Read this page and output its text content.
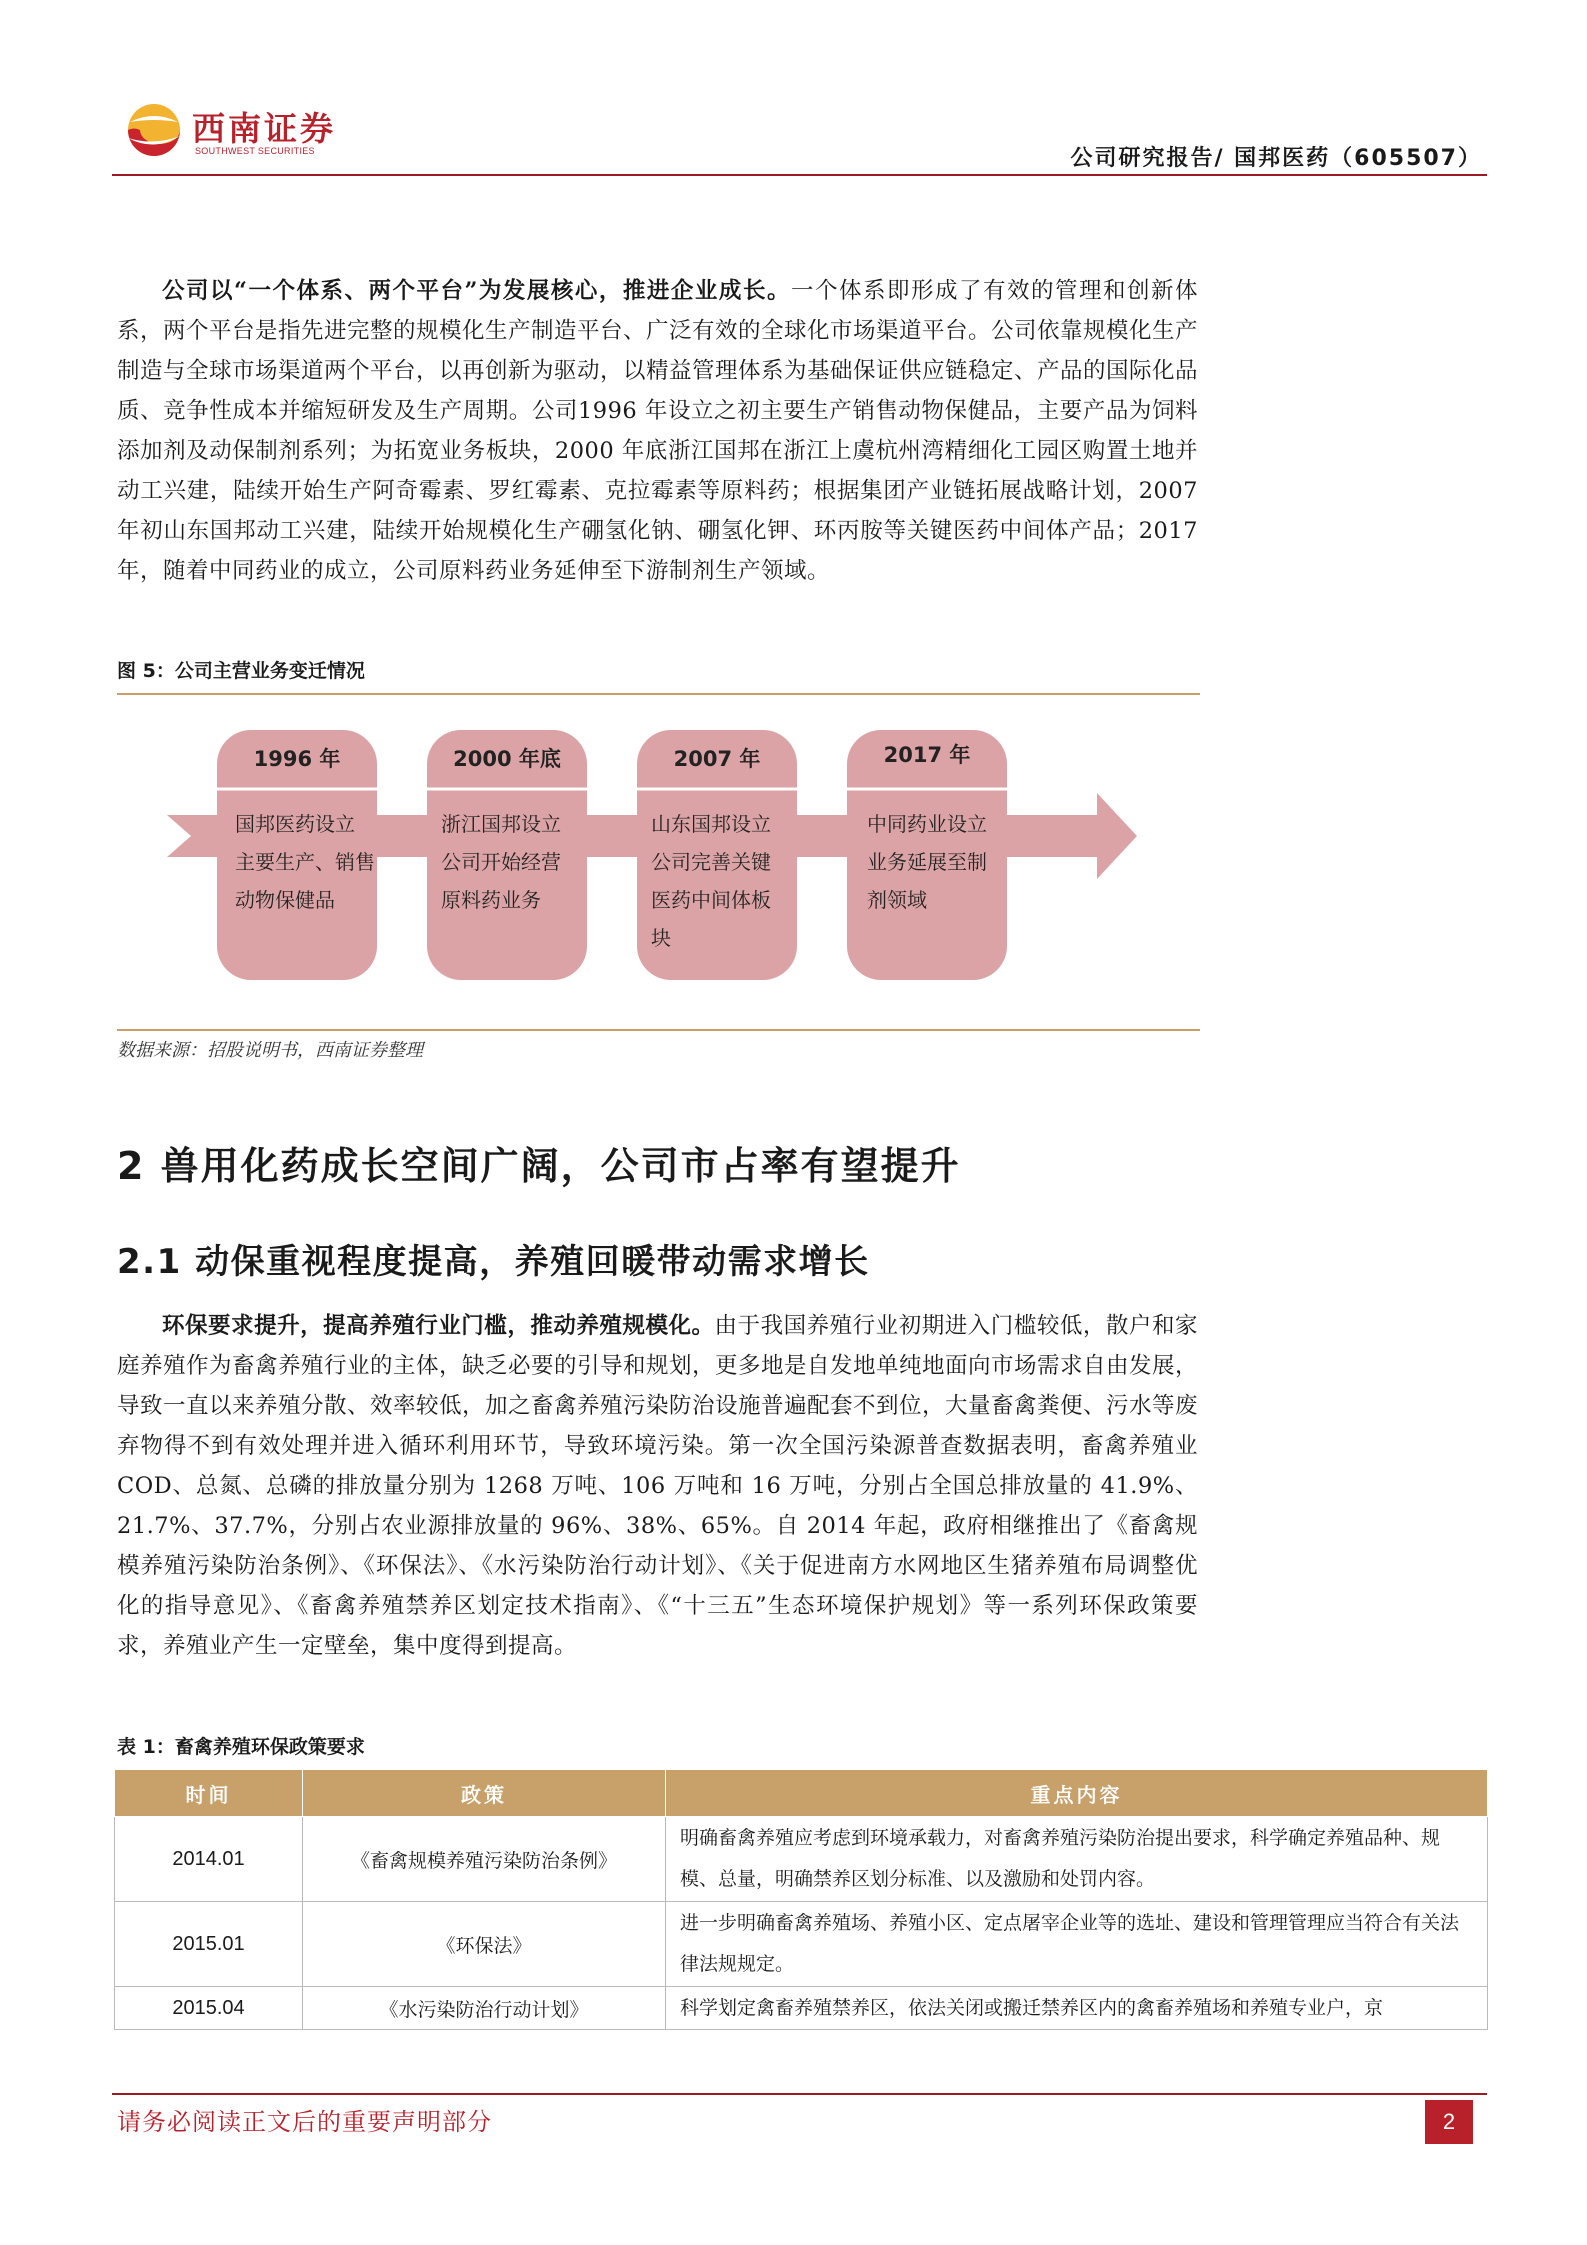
西南证券
SOUTHWEST SECURITIES	公司研究报告/ 国邦医药（605507）
公司以“一个体系、两个平台”为发展核心，推进企业成长。一个体系即形成了有效的管理和创新体系，两个平台是指先进完整的规模化生产制造平台、广泛有效的全球化市场渠道平台。公司依靠规模化生产制造与全球市场渠道两个平台，以再创新为驱动，以精益管理体系为基础保证供应链稳定、产品的国际化品质、竞争性成本并缩短研发及生产周期。公司1996 年设立之初主要生产销售动物保健品，主要产品为饲料添加剂及动保制剂系列；为拓宽业务板块，2000 年底浙江国邦在浙江上虞杭州湾精细化工园区购置土地并动工兴建，陆续开始生产阿奇霉素、罗红霉素、克拉霉素等原料药；根据集团产业链拓展战略计划，2007年初山东国邦动工兴建，陆续开始规模化生产硼氢化钠、硼氢化钾、环丙胺等关键医药中间体产品；2017 年，随着中同药业的成立，公司原料药业务延伸至下游制剂生产领域。
图 5：公司主营业务变迁情况
1996 年
国邦医药设立
主要生产、销售
动物保健品
2000 年底
浙江国邦设立
公司开始经营
原料药业务
2007 年
山东国邦设立
公司完善关键
医药中间体板
块
2017 年
中同药业设立
业务延展至制
剂领域
数据来源：招股说明书，西南证券整理
2 兽用化药成长空间广阔，公司市占率有望提升
2.1 动保重视程度提高，养殖回暖带动需求增长
环保要求提升，提高养殖行业门槛，推动养殖规模化。由于我国养殖行业初期进入门槛较低，散户和家庭养殖作为畜禽养殖行业的主体，缺乏必要的引导和规划，更多地是自发地单纯地面向市场需求自由发展，导致一直以来养殖分散、效率较低，加之畜禽养殖污染防治设施普遍配套不到位，大量畜禽粪便、污水等废弃物得不到有效处理并进入循环利用环节，导致环境污染。第一次全国污染源普查数据表明，畜禽养殖业 COD、总氮、总磷的排放量分别为 1268 万吨、106 万吨和 16 万吨，分别占全国总排放量的 41.9%、21.7%、37.7%，分别占农业源排放量的 96%、38%、65%。自 2014 年起，政府相继推出了《畜禽规模养殖污染防治条例》、《环保法》、《水污染防治行动计划》、《关于促进南方水网地区生猪养殖布局调整优化的指导意见》、《畜禽养殖禁养区划定技术指南》、《“十三五”生态环境保护规划》等一系列环保政策要求，养殖业产生一定壁垒，集中度得到提高。
表 1：畜禽养殖环保政策要求
时间	政策	重点内容
2014.01	《畜禽规模养殖污染防治条例》	明确畜禽养殖应考虑到环境承载力，对畜禽养殖污染防治提出要求，科学确定养殖品种、规模、总量，明确禁养区划分标准、以及激励和处罚内容。
2015.01	《环保法》	进一步明确畜禽养殖场、养殖小区、定点屠宰企业等的选址、建设和管理管理应当符合有关法律法规规定。
2015.04	《水污染防治行动计划》	科学划定禽畜养殖禁养区，依法关闭或搬迁禁养区内的禽畜养殖场和养殖专业户，京
请务必阅读正文后的重要声明部分	2
